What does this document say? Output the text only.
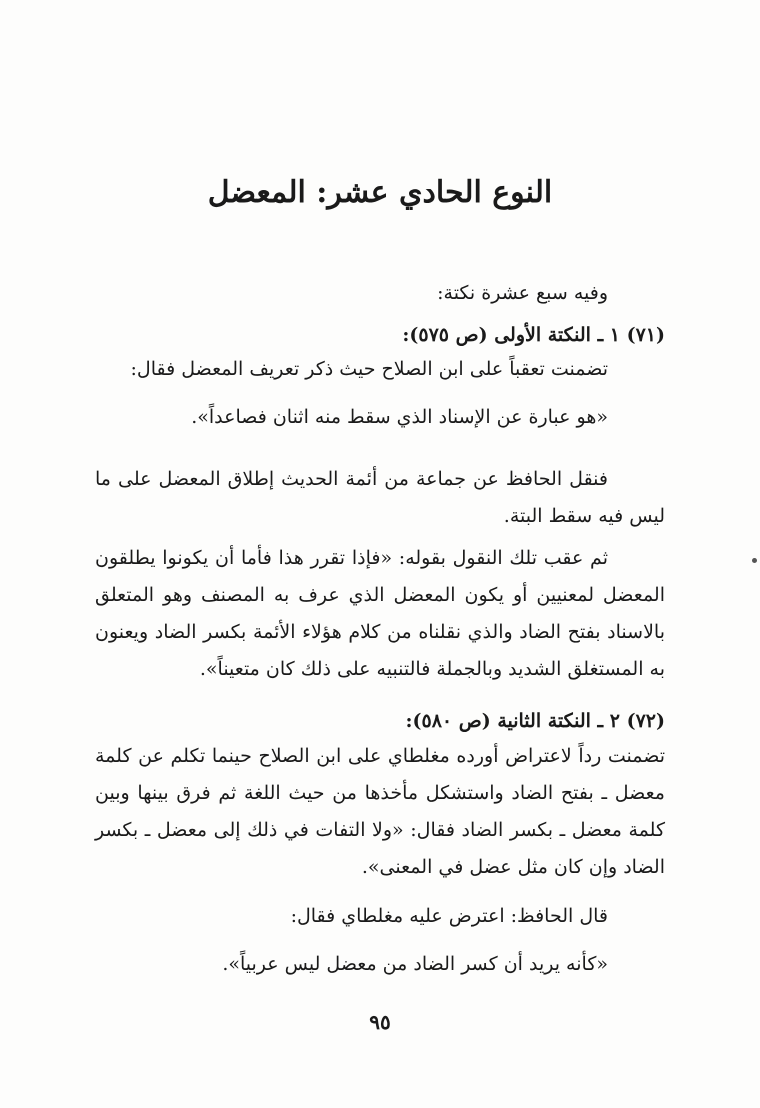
النوع الحادي عشر: المعضل
وفيه سبع عشرة نكتة:
(٧١) ١ ـ النكتة الأولى (ص ٥٧٥):
تضمنت تعقباً على ابن الصلاح حيث ذكر تعريف المعضل فقال:
«هو عبارة عن الإسناد الذي سقط منه اثنان فصاعداً».
فنقل الحافظ عن جماعة من أئمة الحديث إطلاق المعضل على ما ليس فيه سقط البتة.
ثم عقب تلك النقول بقوله: «فإذا تقرر هذا فأما أن يكونوا يطلقون المعضل لمعنيين أو يكون المعضل الذي عرف به المصنف وهو المتعلق بالاسناد بفتح الضاد والذي نقلناه من كلام هؤلاء الأئمة بكسر الضاد ويعنون به المستغلق الشديد وبالجملة فالتنبيه على ذلك كان متعيناً».
(٧٢) ٢ ـ النكتة الثانية (ص ٥٨٠):
تضمنت رداً لاعتراض أورده مغلطاي على ابن الصلاح حينما تكلم عن كلمة معضل ـ بفتح الضاد واستشكل مأخذها من حيث اللغة ثم فرق بينها وبين كلمة معضل ـ بكسر الضاد فقال: «ولا التفات في ذلك إلى معضل ـ بكسر الضاد وإن كان مثل عضل في المعنى».
قال الحافظ: اعترض عليه مغلطاي فقال:
«كأنه يريد أن كسر الضاد من معضل ليس عربياً».
٩٥
